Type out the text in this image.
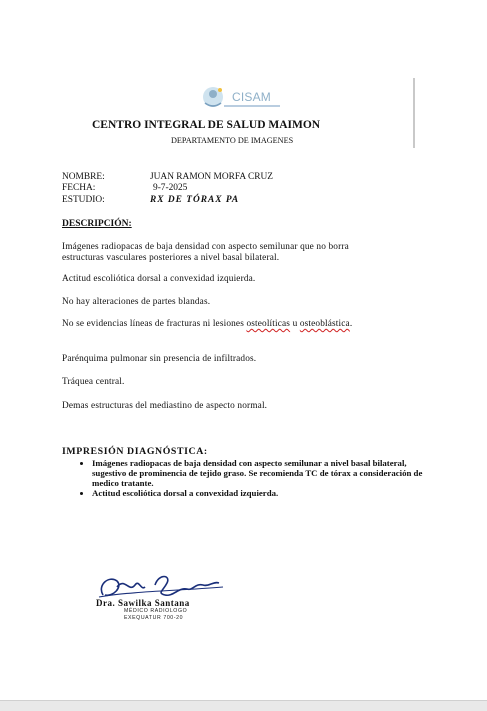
CISAM
CENTRO INTEGRAL DE SALUD MAIMON
DEPARTAMENTO DE IMAGENES
NOMBRE:	JUAN RAMON MORFA CRUZ
FECHA:	9-7-2025
ESTUDIO:	RX DE TÓRAX PA
DESCRIPCIÓN:
Imágenes radiopacas de baja densidad con aspecto semilunar que no borra estructuras vasculares posteriores a nivel basal bilateral.
Actitud escoliótica dorsal a convexidad izquierda.
No hay alteraciones de partes blandas.
No se evidencias líneas de fracturas ni lesiones osteolíticas u osteoblástica.
Parénquima pulmonar sin presencia de infiltrados.
Tráquea central.
Demas estructuras del mediastino de aspecto normal.
IMPRESIÓN DIAGNÓSTICA:
• Imágenes radiopacas de baja densidad con aspecto semilunar a nivel basal bilateral, sugestivo de prominencia de tejido graso. Se recomienda TC de tórax a consideración de medico tratante.
• Actitud escoliótica dorsal a convexidad izquierda.
Dra. Sawilka Santana
MÉDICO RADIOLOGO
EXEQUATUR 700-20
